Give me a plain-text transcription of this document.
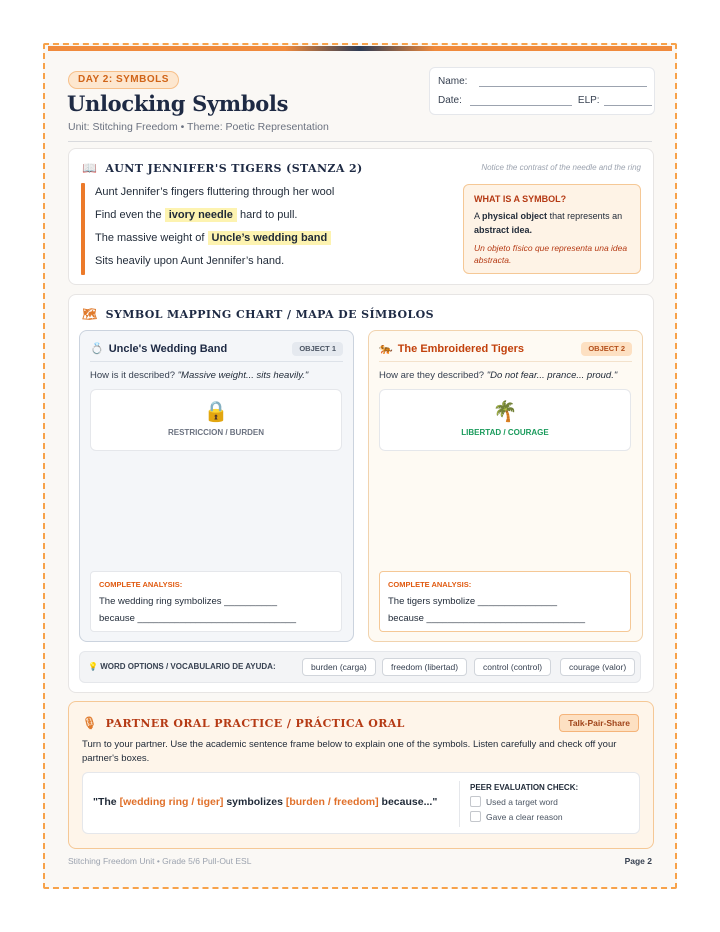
DAY 2: SYMBOLS
Unlocking Symbols
Unit: Stitching Freedom • Theme: Poetic Representation
Name:
Date:	ELP:
📖 AUNT JENNIFER'S TIGERS (STANZA 2)	Notice the contrast of the needle and the ring
Aunt Jennifer’s fingers fluttering through her wool
Find even the ivory needle hard to pull.
The massive weight of Uncle’s wedding band
Sits heavily upon Aunt Jennifer’s hand.
WHAT IS A SYMBOL?
A physical object that represents an abstract idea.
Un objeto físico que representa una idea abstracta.
🗺 SYMBOL MAPPING CHART / MAPA DE SÍMBOLOS
💍 Uncle's Wedding Band	OBJECT 1
How is it described? "Massive weight... sits heavily."
🔒
RESTRICCION / BURDEN
COMPLETE ANALYSIS:
The wedding ring symbolizes __________
because ______________________________
🐅 The Embroidered Tigers	OBJECT 2
How are they described? "Do not fear... prance... proud."
🌴
LIBERTAD / COURAGE
COMPLETE ANALYSIS:
The tigers symbolize _______________
because ______________________________
💡 WORD OPTIONS / VOCABULARIO DE AYUDA:	burden (carga)	freedom (libertad)	control (control)	courage (valor)
🎙 PARTNER ORAL PRACTICE / PRÁCTICA ORAL	Talk-Pair-Share
Turn to your partner. Use the academic sentence frame below to explain one of the symbols. Listen carefully and check off your partner's boxes.
"The [wedding ring / tiger] symbolizes [burden / freedom] because..."
PEER EVALUATION CHECK:
Used a target word
Gave a clear reason
Stitching Freedom Unit • Grade 5/6 Pull-Out ESL	Page 2
